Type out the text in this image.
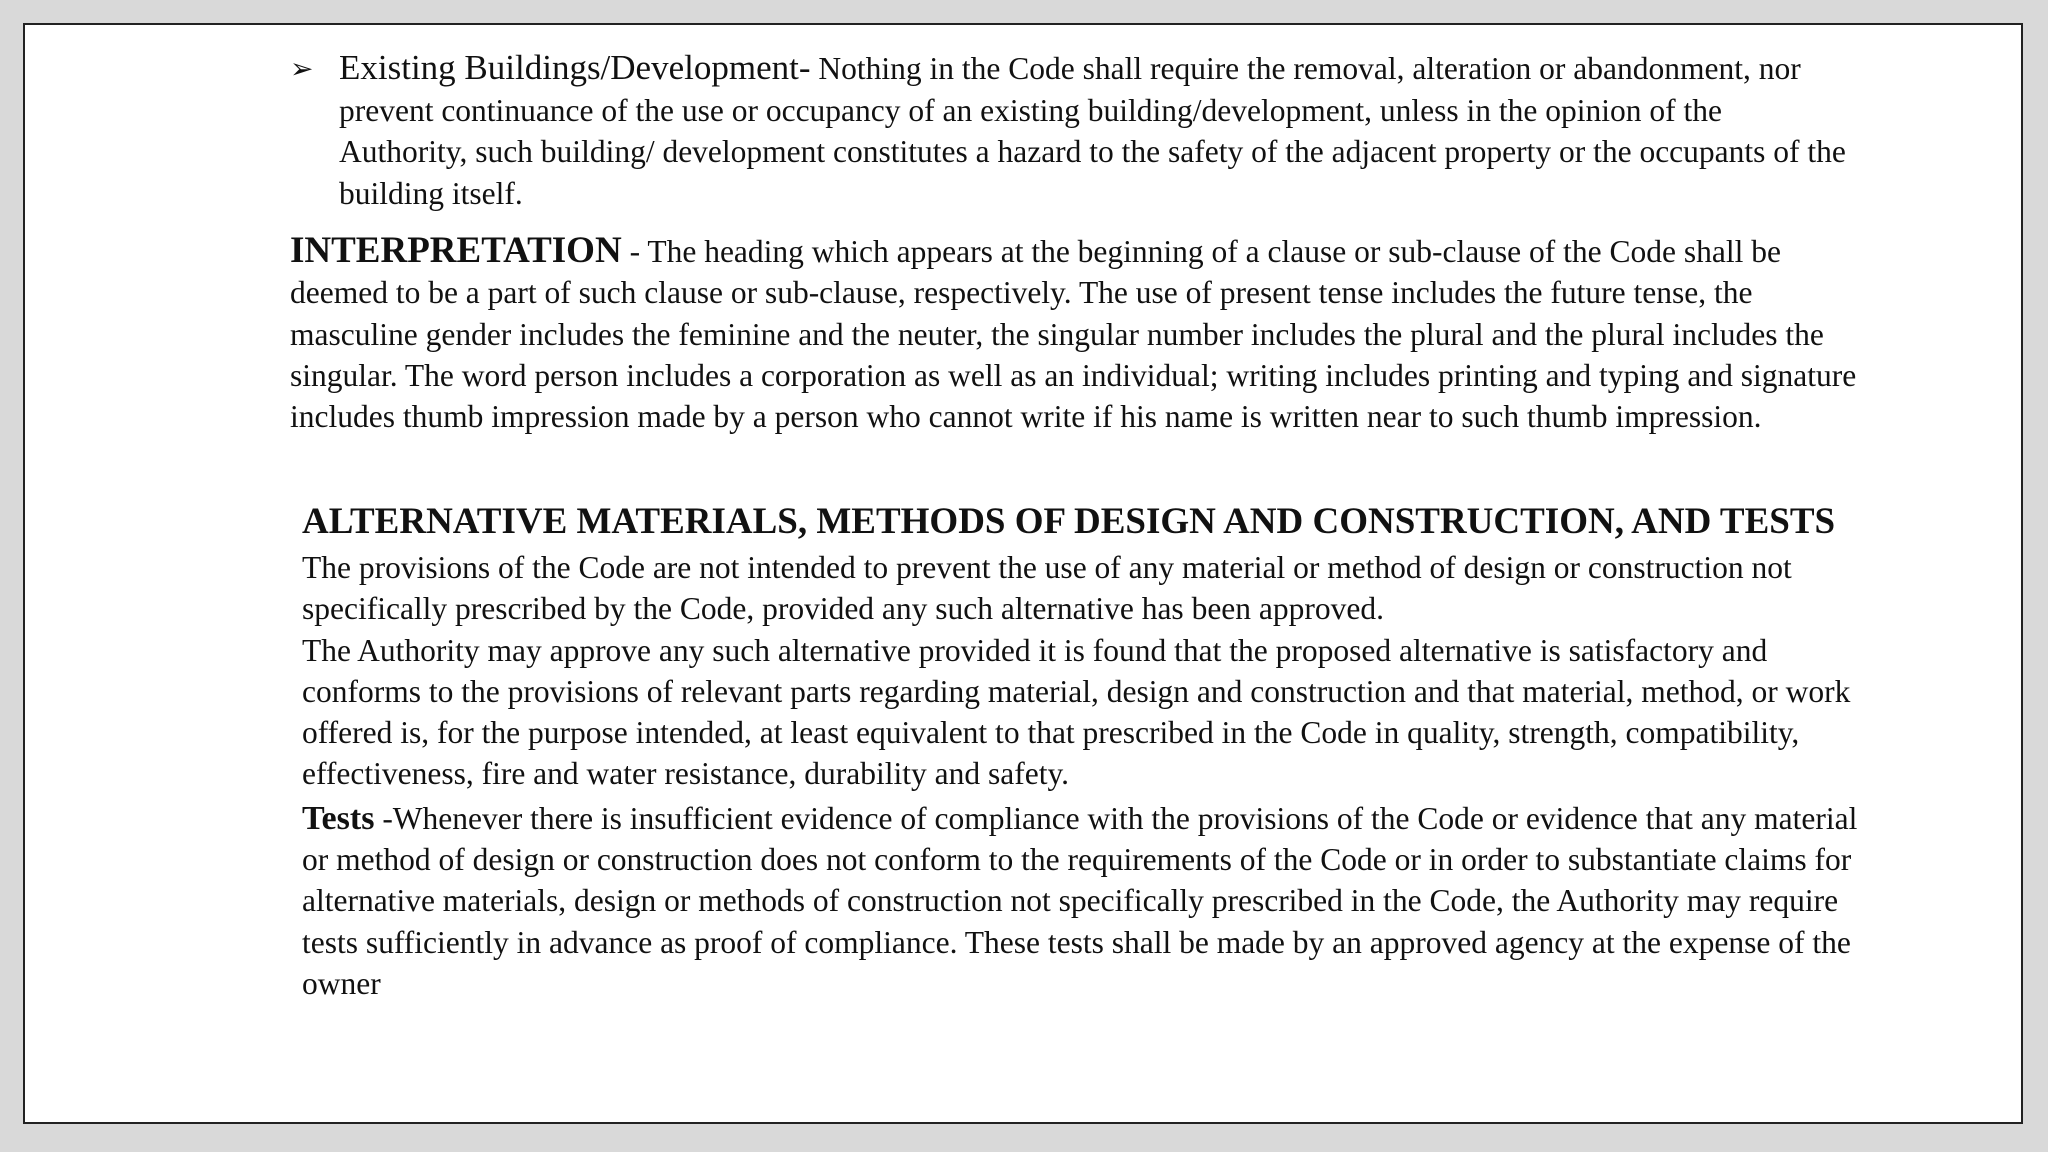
➢ Existing Buildings/Development- Nothing in the Code shall require the removal, alteration or abandonment, nor prevent continuance of the use or occupancy of an existing building/development, unless in the opinion of the Authority, such building/ development constitutes a hazard to the safety of the adjacent property or the occupants of the building itself.
INTERPRETATION - The heading which appears at the beginning of a clause or sub-clause of the Code shall be deemed to be a part of such clause or sub-clause, respectively. The use of present tense includes the future tense, the masculine gender includes the feminine and the neuter, the singular number includes the plural and the plural includes the singular. The word person includes a corporation as well as an individual; writing includes printing and typing and signature includes thumb impression made by a person who cannot write if his name is written near to such thumb impression.
ALTERNATIVE MATERIALS, METHODS OF DESIGN AND CONSTRUCTION, AND TESTS

The provisions of the Code are not intended to prevent the use of any material or method of design or construction not specifically prescribed by the Code, provided any such alternative has been approved.

The Authority may approve any such alternative provided it is found that the proposed alternative is satisfactory and conforms to the provisions of relevant parts regarding material, design and construction and that material, method, or work offered is, for the purpose intended, at least equivalent to that prescribed in the Code in quality, strength, compatibility, effectiveness, fire and water resistance, durability and safety.

Tests -Whenever there is insufficient evidence of compliance with the provisions of the Code or evidence that any material or method of design or construction does not conform to the requirements of the Code or in order to substantiate claims for alternative materials, design or methods of construction not specifically prescribed in the Code, the Authority may require tests sufficiently in advance as proof of compliance. These tests shall be made by an approved agency at the expense of the owner
